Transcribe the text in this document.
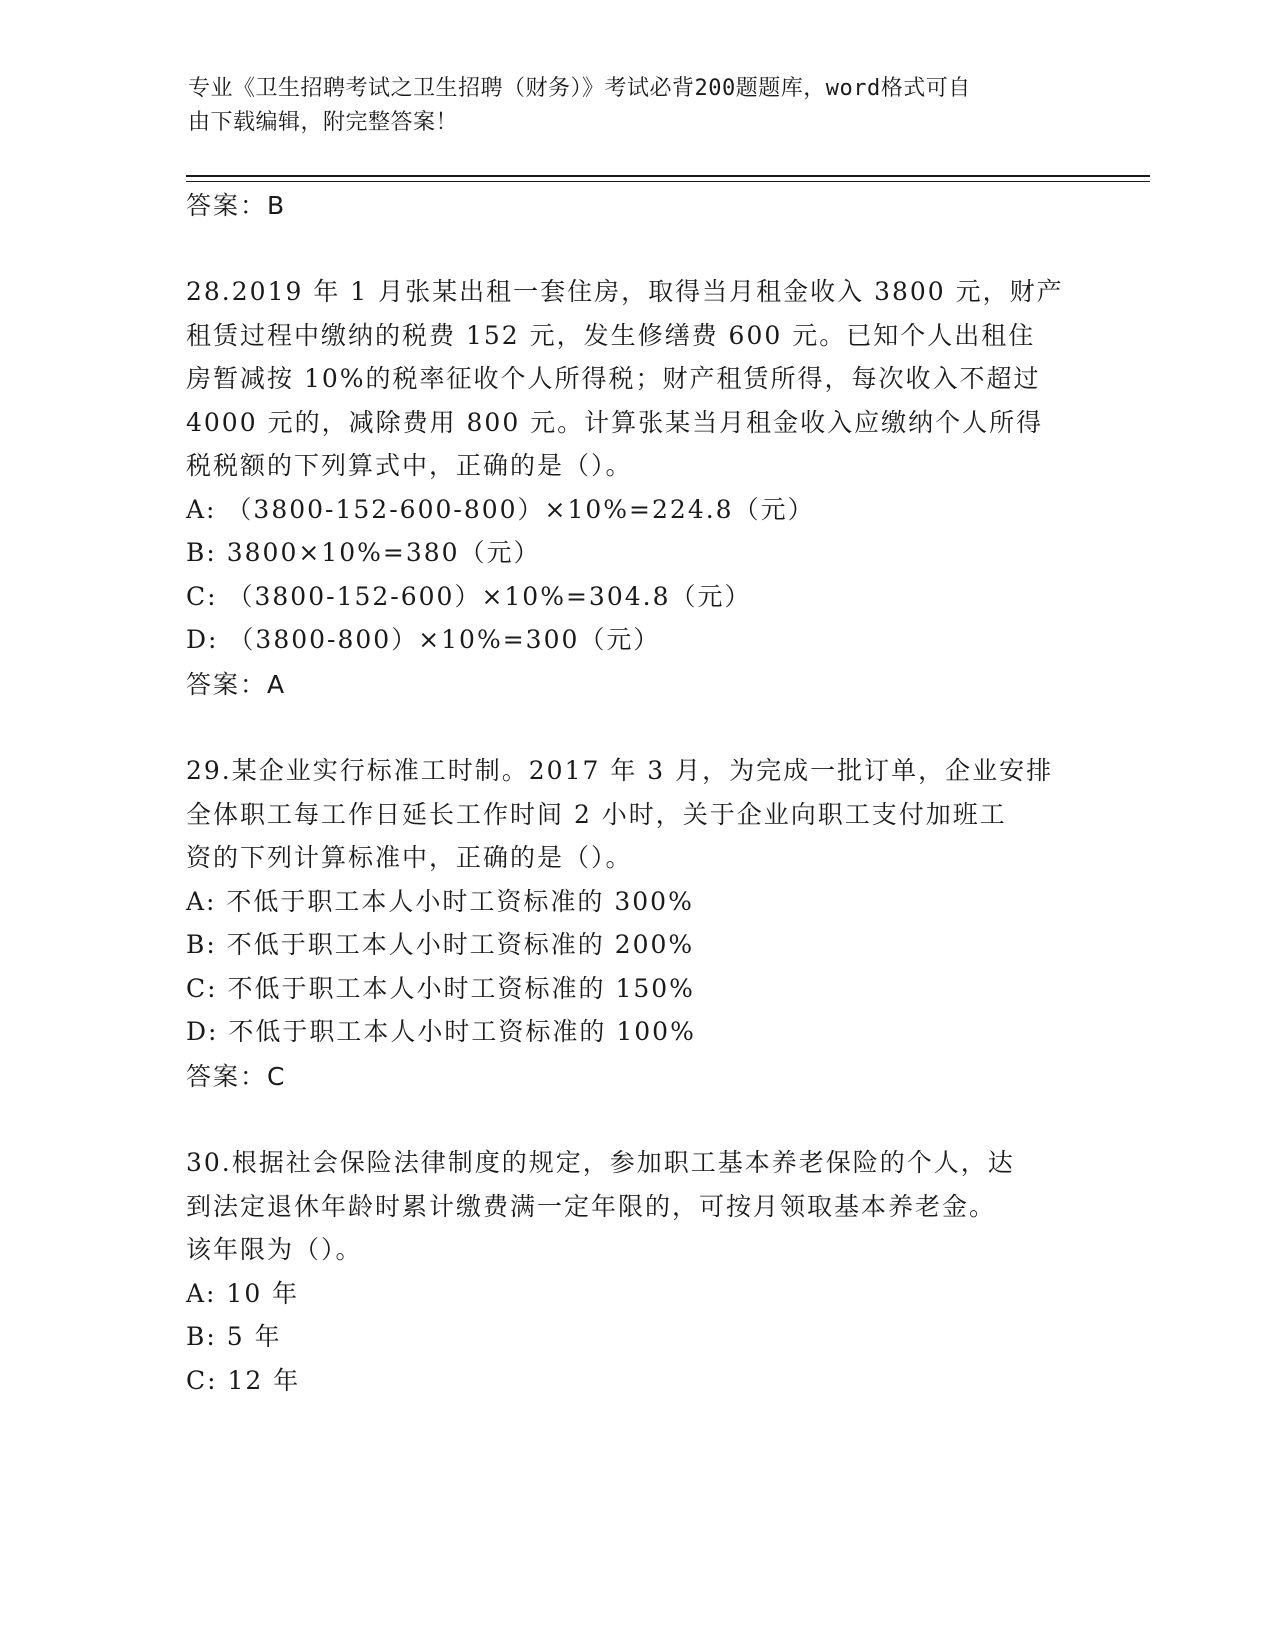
专业《卫生招聘考试之卫生招聘（财务）》考试必背200题题库，word格式可自
由下载编辑，附完整答案！
答案：B
28.2019 年 1 月张某出租一套住房，取得当月租金收入 3800 元，财产
租赁过程中缴纳的税费 152 元，发生修缮费 600 元。已知个人出租住
房暂减按 10%的税率征收个人所得税；财产租赁所得，每次收入不超过
4000 元的，减除费用 800 元。计算张某当月租金收入应缴纳个人所得
税税额的下列算式中，正确的是（）。
A: （3800-152-600-800）×10%=224.8（元）
B: 3800×10%=380（元）
C: （3800-152-600）×10%=304.8（元）
D: （3800-800）×10%=300（元）
答案：A
29.某企业实行标准工时制。2017 年 3 月，为完成一批订单，企业安排
全体职工每工作日延长工作时间 2 小时，关于企业向职工支付加班工
资的下列计算标准中，正确的是（）。
A: 不低于职工本人小时工资标准的 300%
B: 不低于职工本人小时工资标准的 200%
C: 不低于职工本人小时工资标准的 150%
D: 不低于职工本人小时工资标准的 100%
答案：C
30.根据社会保险法律制度的规定，参加职工基本养老保险的个人，达
到法定退休年龄时累计缴费满一定年限的，可按月领取基本养老金。
该年限为（）。
A: 10 年
B: 5 年
C: 12 年
